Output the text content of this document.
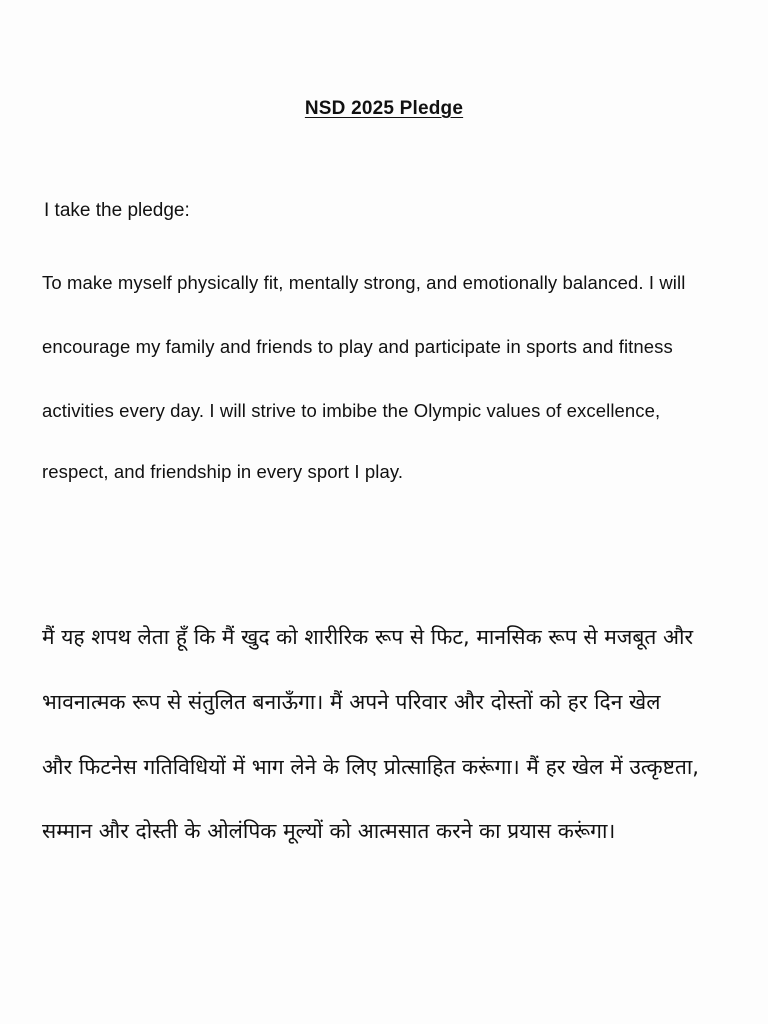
NSD 2025 Pledge
I take the pledge:
To make myself physically fit, mentally strong, and emotionally balanced. I will
encourage my family and friends to play and participate in sports and fitness
activities every day. I will strive to imbibe the Olympic values of excellence,
respect, and friendship in every sport I play.
मैं यह शपथ लेता हूँ कि मैं खुद को शारीरिक रूप से फिट, मानसिक रूप से मजबूत और
भावनात्मक रूप से संतुलित बनाऊँगा। मैं अपने परिवार और दोस्तों को हर दिन खेल
और फिटनेस गतिविधियों में भाग लेने के लिए प्रोत्साहित करूंगा। मैं हर खेल में उत्कृष्टता,
सम्मान और दोस्ती के ओलंपिक मूल्यों को आत्मसात करने का प्रयास करूंगा।
